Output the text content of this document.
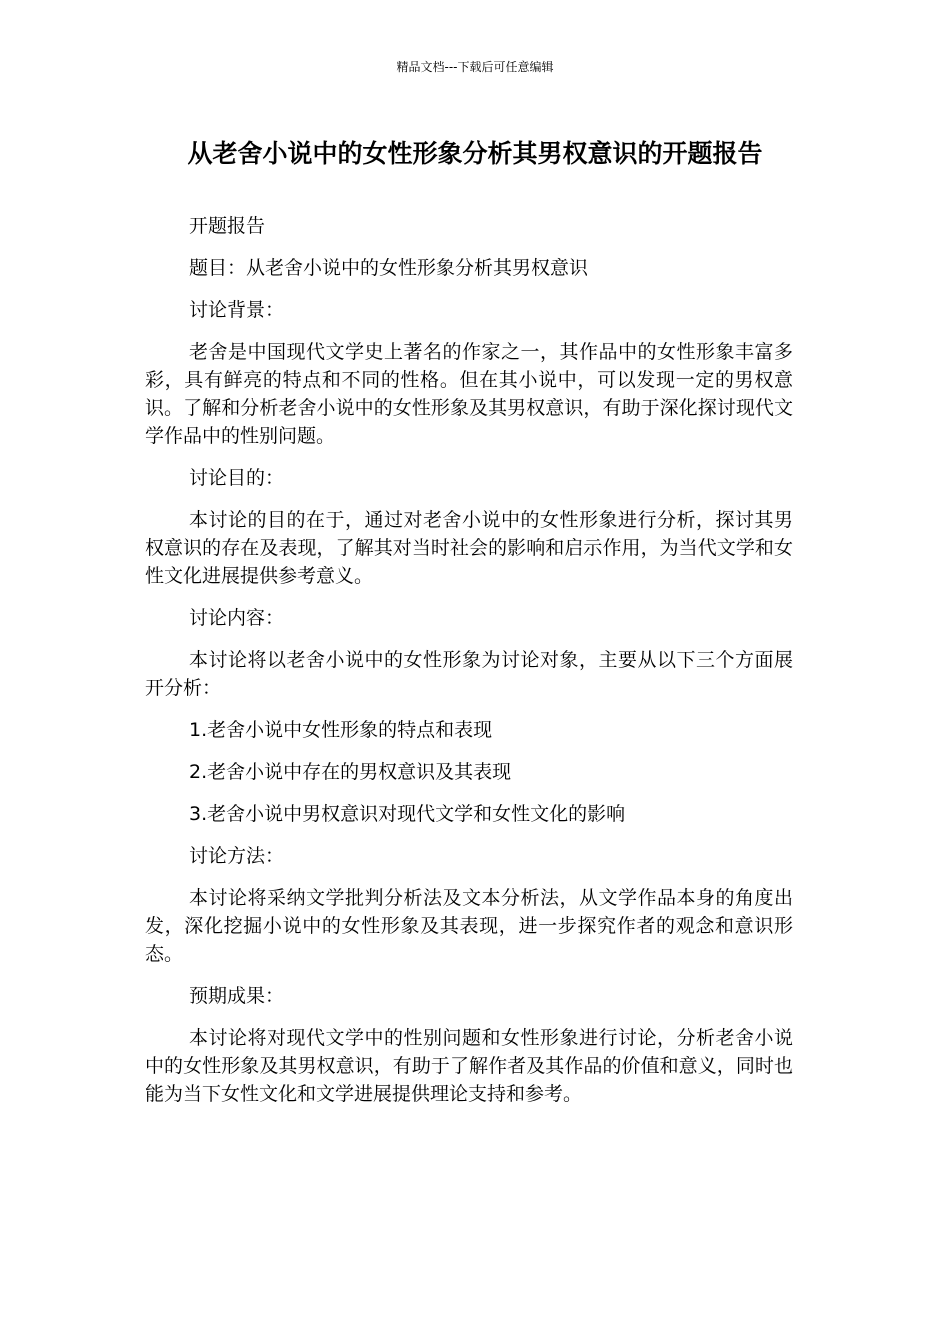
精品文档---下载后可任意编辑
从老舍小说中的女性形象分析其男权意识的开题报告

开题报告

题目：从老舍小说中的女性形象分析其男权意识

讨论背景：

老舍是中国现代文学史上著名的作家之一，其作品中的女性形象丰富多彩，具有鲜亮的特点和不同的性格。但在其小说中，可以发现一定的男权意识。了解和分析老舍小说中的女性形象及其男权意识，有助于深化探讨现代文学作品中的性别问题。

讨论目的：

本讨论的目的在于，通过对老舍小说中的女性形象进行分析，探讨其男权意识的存在及表现，了解其对当时社会的影响和启示作用，为当代文学和女性文化进展提供参考意义。

讨论内容：

本讨论将以老舍小说中的女性形象为讨论对象，主要从以下三个方面展开分析：

1.老舍小说中女性形象的特点和表现

2.老舍小说中存在的男权意识及其表现

3.老舍小说中男权意识对现代文学和女性文化的影响

讨论方法：

本讨论将采纳文学批判分析法及文本分析法，从文学作品本身的角度出发，深化挖掘小说中的女性形象及其表现，进一步探究作者的观念和意识形态。

预期成果：

本讨论将对现代文学中的性别问题和女性形象进行讨论，分析老舍小说中的女性形象及其男权意识，有助于了解作者及其作品的价值和意义，同时也能为当下女性文化和文学进展提供理论支持和参考。
